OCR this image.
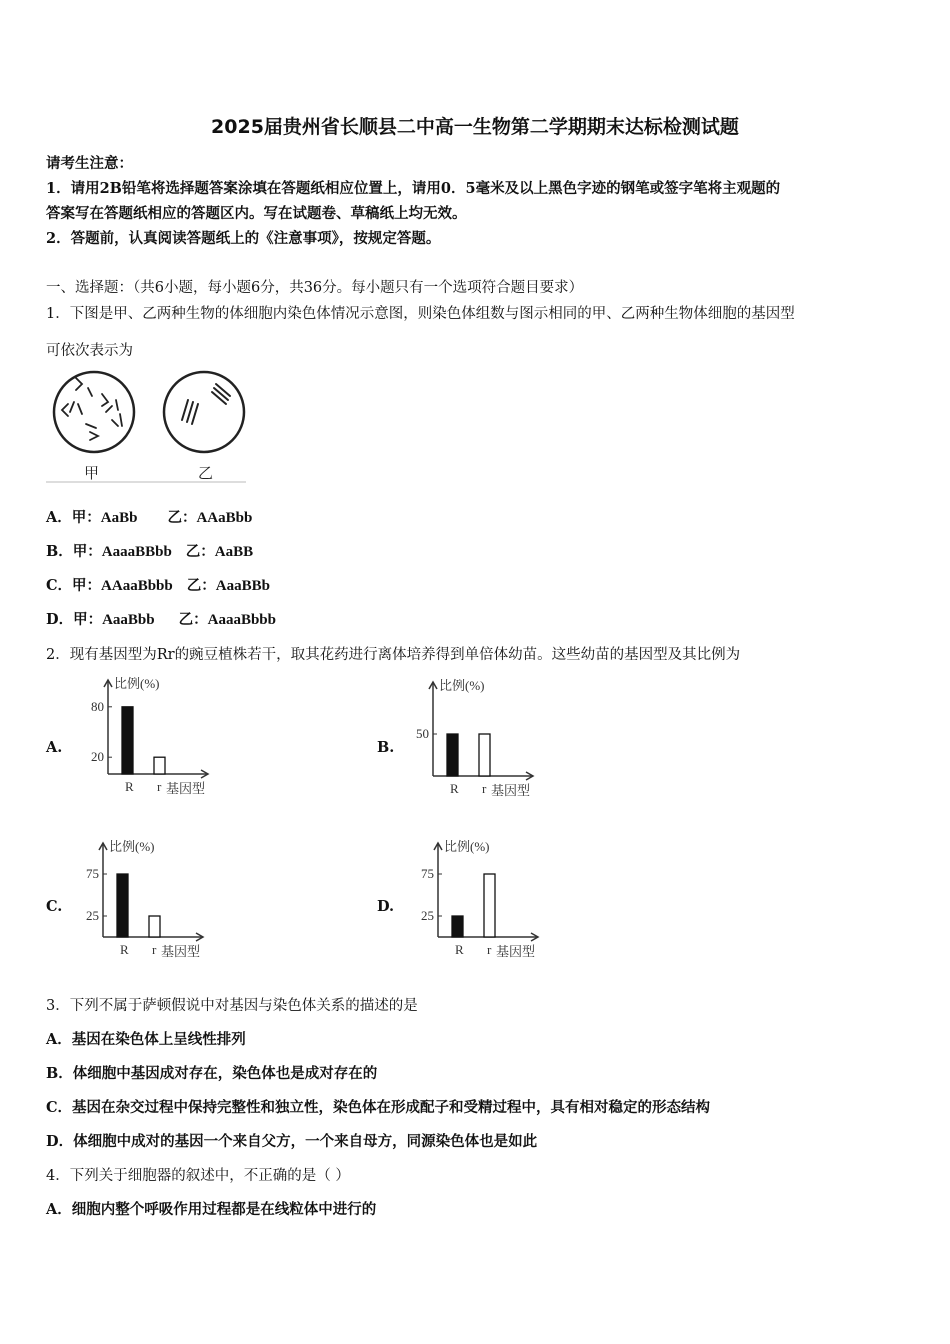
2025届贵州省长顺县二中高一生物第二学期期末达标检测试题
请考生注意：
1．请用2B铅笔将选择题答案涂填在答题纸相应位置上，请用0．5毫米及以上黑色字迹的钢笔或签字笔将主观题的
答案写在答题纸相应的答题区内。写在试题卷、草稿纸上均无效。
2．答题前，认真阅读答题纸上的《注意事项》，按规定答题。
一、选择题：（共6小题，每小题6分，共36分。每小题只有一个选项符合题目要求）
1．下图是甲、乙两种生物的体细胞内染色体情况示意图，则染色体组数与图示相同的甲、乙两种生物体细胞的基因型
可依次表示为
甲	乙
A．甲：AaBb 乙：AAaBbb
B．甲：AaaaBBbb 乙：AaBB
C．甲：AAaaBbbb 乙：AaaBBb
D．甲：AaaBbb 乙：AaaaBbbb
2．现有基因型为Rr的豌豆植株若干，取其花药进行离体培养得到单倍体幼苗。这些幼苗的基因型及其比例为
A.	B.
C.	D.
比例(%)
80
20
R r 基因型
比例(%)
50
R r 基因型
比例(%)
75
25
R r 基因型
比例(%)
75
25
R r 基因型
3．下列不属于萨顿假说中对基因与染色体关系的描述的是
A．基因在染色体上呈线性排列
B．体细胞中基因成对存在，染色体也是成对存在的
C．基因在杂交过程中保持完整性和独立性，染色体在形成配子和受精过程中，具有相对稳定的形态结构
D．体细胞中成对的基因一个来自父方，一个来自母方，同源染色体也是如此
4．下列关于细胞器的叙述中，不正确的是（ ）
A．细胞内整个呼吸作用过程都是在线粒体中进行的
